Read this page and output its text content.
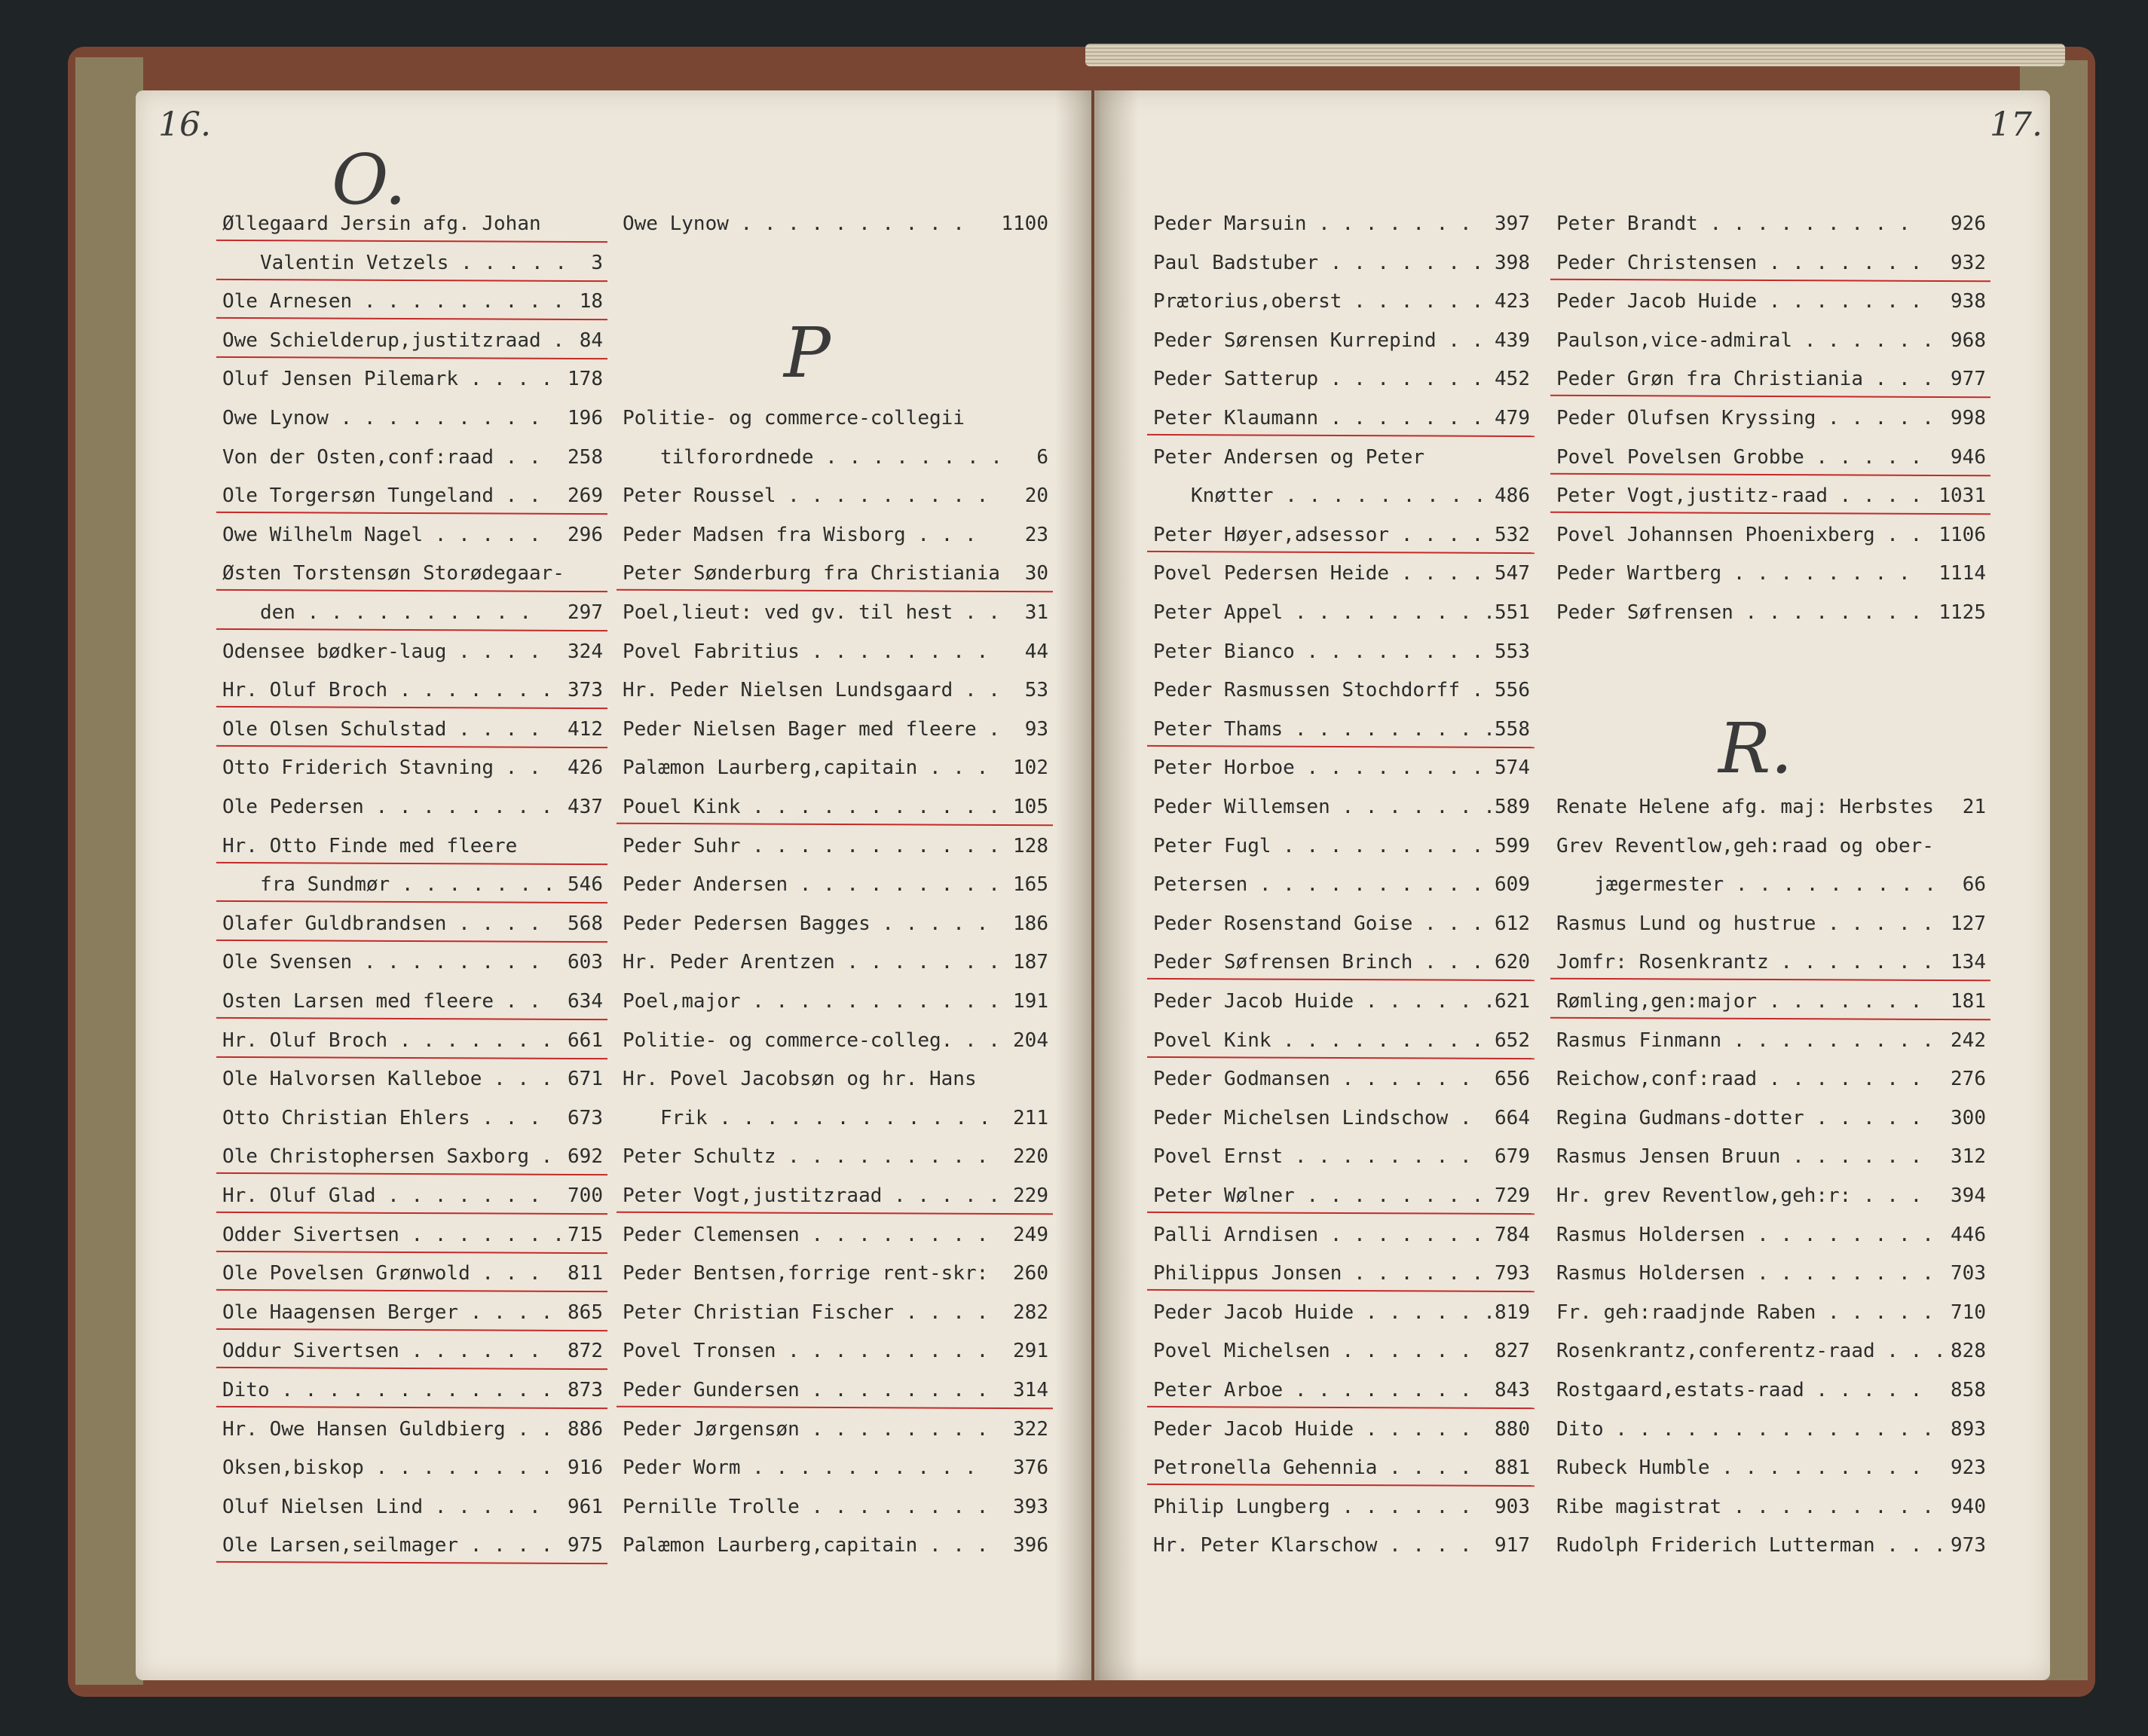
16.	17.
O.
P
R.
Øllegaard Jersin afg. Johan
Valentin Vetzels . . . . . 3
Ole Arnesen . . . . . . . . . 18
Owe Schielderup,justitzraad . 84
Oluf Jensen Pilemark . . . . 178
Owe Lynow . . . . . . . . . 196
Von der Osten,conf:raad . . 258
Ole Torgersøn Tungeland . . 269
Owe Wilhelm Nagel . . . . . 296
Østen Torstensøn Storødegaar-
den . . . . . . . . . . 297
Odensee bødker-laug . . . . 324
Hr. Oluf Broch . . . . . . . 373
Ole Olsen Schulstad . . . . 412
Otto Friderich Stavning . . 426
Ole Pedersen . . . . . . . . 437
Hr. Otto Finde med fleere
fra Sundmør . . . . . . . 546
Olafer Guldbrandsen . . . . 568
Ole Svensen . . . . . . . . 603
Osten Larsen med fleere . . 634
Hr. Oluf Broch . . . . . . . 661
Ole Halvorsen Kalleboe . . . 671
Otto Christian Ehlers . . . 673
Ole Christophersen Saxborg . 692
Hr. Oluf Glad . . . . . . . 700
Odder Sivertsen . . . . . . . 715
Ole Povelsen Grønwold . . . 811
Ole Haagensen Berger . . . . 865
Oddur Sivertsen . . . . . . 872
Dito . . . . . . . . . . . . 873
Hr. Owe Hansen Guldbierg . . 886
Oksen,biskop . . . . . . . . 916
Oluf Nielsen Lind . . . . . 961
Ole Larsen,seilmager . . . . 975
Owe Lynow . . . . . . . . . . 1100
Politie- og commerce-collegii
tilforordnede . . . . . . . . 6
Peter Roussel . . . . . . . . . 20
Peder Madsen fra Wisborg . . . 23
Peter Sønderburg fra Christiania 30
Poel,lieut: ved gv. til hest . . 31
Povel Fabritius . . . . . . . . 44
Hr. Peder Nielsen Lundsgaard . . 53
Peder Nielsen Bager med fleere . 93
Palæmon Laurberg,capitain . . . 102
Pouel Kink . . . . . . . . . . . 105
Peder Suhr . . . . . . . . . . . 128
Peder Andersen . . . . . . . . . 165
Peder Pedersen Bagges . . . . . 186
Hr. Peder Arentzen . . . . . . . 187
Poel,major . . . . . . . . . . . 191
Politie- og commerce-colleg. . . 204
Hr. Povel Jacobsøn og hr. Hans
Frik . . . . . . . . . . . . 211
Peter Schultz . . . . . . . . . 220
Peter Vogt,justitzraad . . . . . 229
Peder Clemensen . . . . . . . . 249
Peder Bentsen,forrige rent-skr: 260
Peter Christian Fischer . . . . 282
Povel Tronsen . . . . . . . . . 291
Peder Gundersen . . . . . . . . 314
Peder Jørgensøn . . . . . . . . 322
Peder Worm . . . . . . . . . . 376
Pernille Trolle . . . . . . . . 393
Palæmon Laurberg,capitain . . . 396
Peder Marsuin . . . . . . . 397
Paul Badstuber . . . . . . . 398
Prætorius,oberst . . . . . . 423
Peder Sørensen Kurrepind . . 439
Peder Satterup . . . . . . . 452
Peter Klaumann . . . . . . . 479
Peter Andersen og Peter
Knøtter . . . . . . . . . 486
Peter Høyer,adsessor . . . . 532
Povel Pedersen Heide . . . . 547
Peter Appel . . . . . . . . . 551
Peter Bianco . . . . . . . . 553
Peder Rasmussen Stochdorff . 556
Peter Thams . . . . . . . . . 558
Peter Horboe . . . . . . . . 574
Peder Willemsen . . . . . . . 589
Peter Fugl . . . . . . . . . 599
Petersen . . . . . . . . . . 609
Peder Rosenstand Goise . . . 612
Peder Søfrensen Brinch . . . 620
Peder Jacob Huide . . . . . . 621
Povel Kink . . . . . . . . . 652
Peder Godmansen . . . . . . 656
Peder Michelsen Lindschow . 664
Povel Ernst . . . . . . . . 679
Peter Wølner . . . . . . . . 729
Palli Arndisen . . . . . . . 784
Philippus Jonsen . . . . . . 793
Peder Jacob Huide . . . . . . 819
Povel Michelsen . . . . . . 827
Peter Arboe . . . . . . . . 843
Peder Jacob Huide . . . . . 880
Petronella Gehennia . . . . 881
Philip Lungberg . . . . . . 903
Hr. Peter Klarschow . . . . 917
Peter Brandt . . . . . . . . . 926
Peder Christensen . . . . . . . 932
Peder Jacob Huide . . . . . . . 938
Paulson,vice-admiral . . . . . . 968
Peder Grøn fra Christiania . . . 977
Peder Olufsen Kryssing . . . . . 998
Povel Povelsen Grobbe . . . . . 946
Peter Vogt,justitz-raad . . . . 1031
Povel Johannsen Phoenixberg . . 1106
Peder Wartberg . . . . . . . . 1114
Peder Søfrensen . . . . . . . . 1125
Renate Helene afg. maj: Herbstes 21
Grev Reventlow,geh:raad og ober-
jægermester . . . . . . . . . 66
Rasmus Lund og hustrue . . . . . 127
Jomfr: Rosenkrantz . . . . . . . 134
Rømling,gen:major . . . . . . . 181
Rasmus Finmann . . . . . . . . . 242
Reichow,conf:raad . . . . . . . 276
Regina Gudmans-dotter . . . . . 300
Rasmus Jensen Bruun . . . . . . 312
Hr. grev Reventlow,geh:r: . . . 394
Rasmus Holdersen . . . . . . . . 446
Rasmus Holdersen . . . . . . . . 703
Fr. geh:raadjnde Raben . . . . . 710
Rosenkrantz,conferentz-raad . . . 828
Rostgaard,estats-raad . . . . . 858
Dito . . . . . . . . . . . . . . 893
Rubeck Humble . . . . . . . . . 923
Ribe magistrat . . . . . . . . . 940
Rudolph Friderich Lutterman . . . 973
